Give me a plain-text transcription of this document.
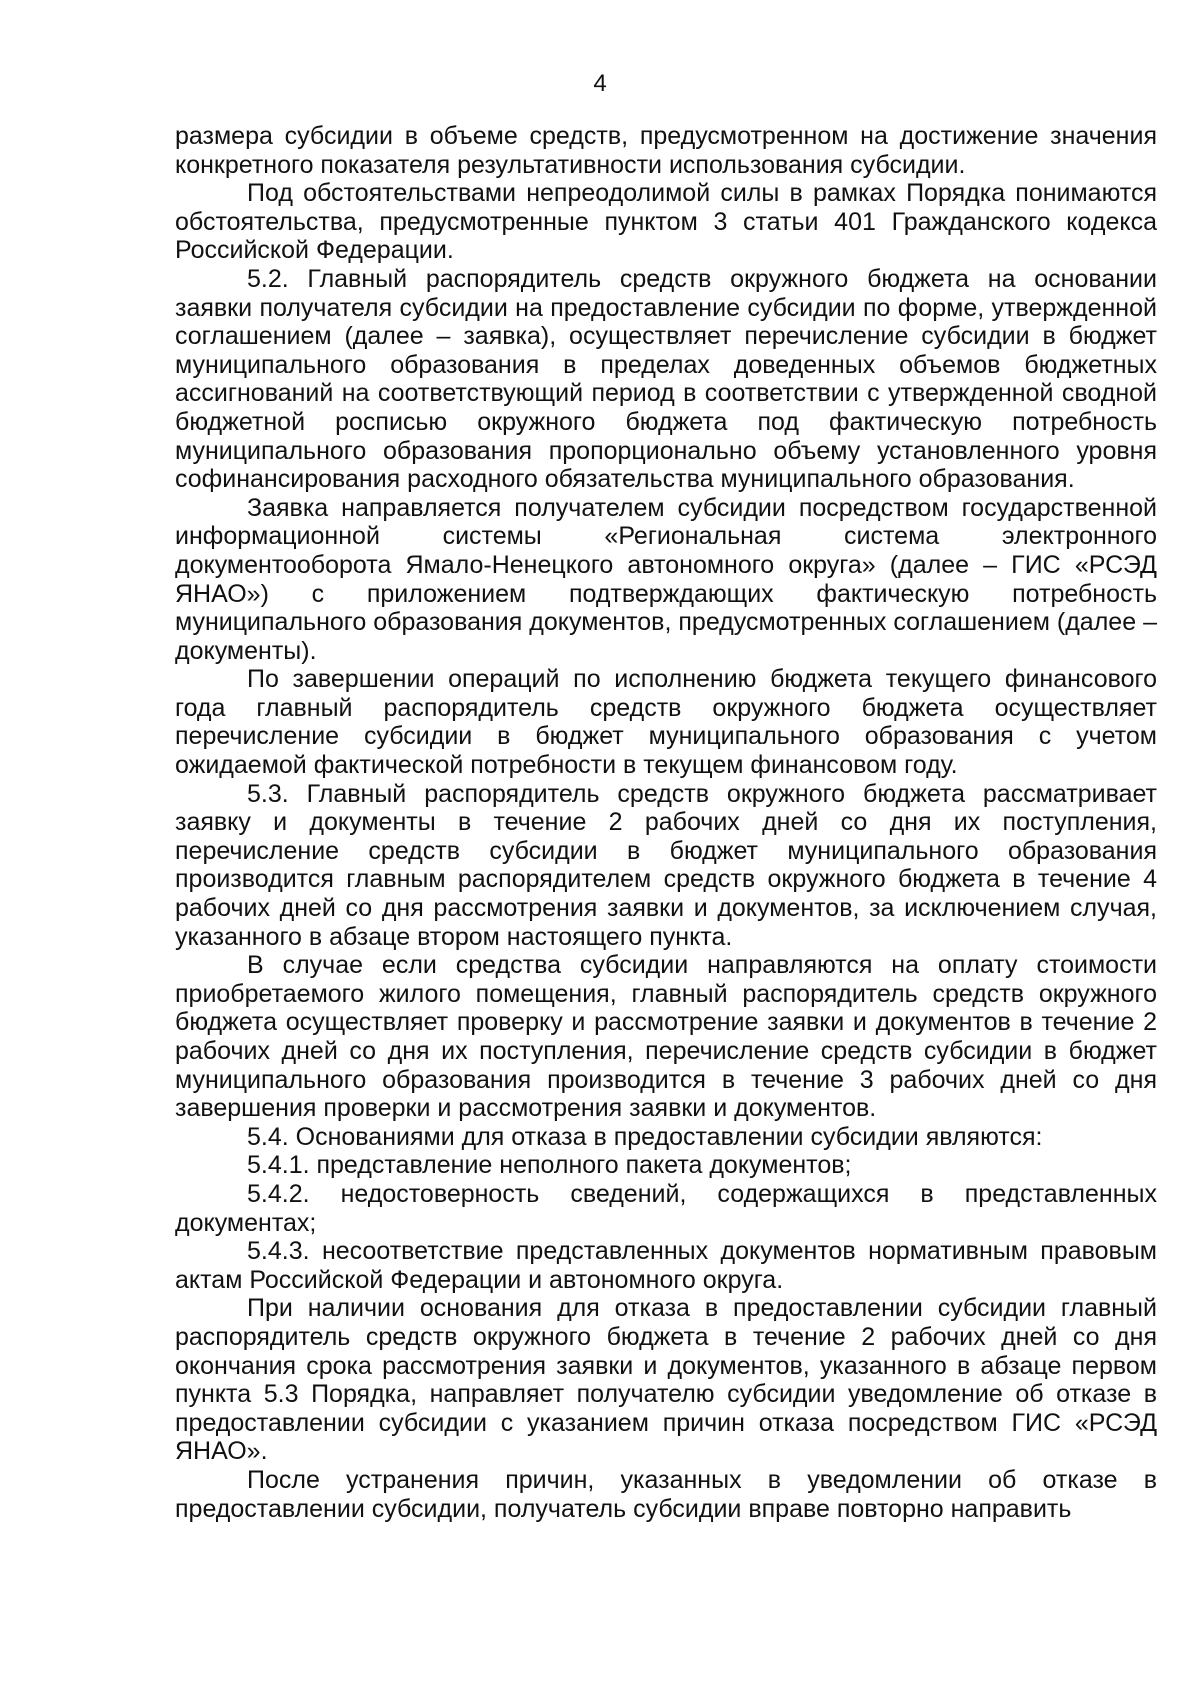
4

размера субсидии в объеме средств, предусмотренном на достижение значения конкретного показателя результативности использования субсидии.

Под обстоятельствами непреодолимой силы в рамках Порядка понимаются обстоятельства, предусмотренные пунктом 3 статьи 401 Гражданского кодекса Российской Федерации.

5.2. Главный распорядитель средств окружного бюджета на основании заявки получателя субсидии на предоставление субсидии по форме, утвержденной соглашением (далее – заявка), осуществляет перечисление субсидии в бюджет муниципального образования в пределах доведенных объемов бюджетных ассигнований на соответствующий период в соответствии с утвержденной сводной бюджетной росписью окружного бюджета под фактическую потребность муниципального образования пропорционально объему установленного уровня софинансирования расходного обязательства муниципального образования.

Заявка направляется получателем субсидии посредством государственной информационной системы «Региональная система электронного документооборота Ямало-Ненецкого автономного округа» (далее – ГИС «РСЭД ЯНАО») с приложением подтверждающих фактическую потребность муниципального образования документов, предусмотренных соглашением (далее – документы).

По завершении операций по исполнению бюджета текущего финансового года главный распорядитель средств окружного бюджета осуществляет перечисление субсидии в бюджет муниципального образования с учетом ожидаемой фактической потребности в текущем финансовом году.

5.3. Главный распорядитель средств окружного бюджета рассматривает заявку и документы в течение 2 рабочих дней со дня их поступления, перечисление средств субсидии в бюджет муниципального образования производится главным распорядителем средств окружного бюджета в течение 4 рабочих дней со дня рассмотрения заявки и документов, за исключением случая, указанного в абзаце втором настоящего пункта.

В случае если средства субсидии направляются на оплату стоимости приобретаемого жилого помещения, главный распорядитель средств окружного бюджета осуществляет проверку и рассмотрение заявки и документов в течение 2 рабочих дней со дня их поступления, перечисление средств субсидии в бюджет муниципального образования производится в течение 3 рабочих дней со дня завершения проверки и рассмотрения заявки и документов.

5.4. Основаниями для отказа в предоставлении субсидии являются:

5.4.1. представление неполного пакета документов;

5.4.2. недостоверность сведений, содержащихся в представленных документах;

5.4.3. несоответствие представленных документов нормативным правовым актам Российской Федерации и автономного округа.

При наличии основания для отказа в предоставлении субсидии главный распорядитель средств окружного бюджета в течение 2 рабочих дней со дня окончания срока рассмотрения заявки и документов, указанного в абзаце первом пункта 5.3 Порядка, направляет получателю субсидии уведомление об отказе в предоставлении субсидии с указанием причин отказа посредством ГИС «РСЭД ЯНАО».

После устранения причин, указанных в уведомлении об отказе в предоставлении субсидии, получатель субсидии вправе повторно направить
